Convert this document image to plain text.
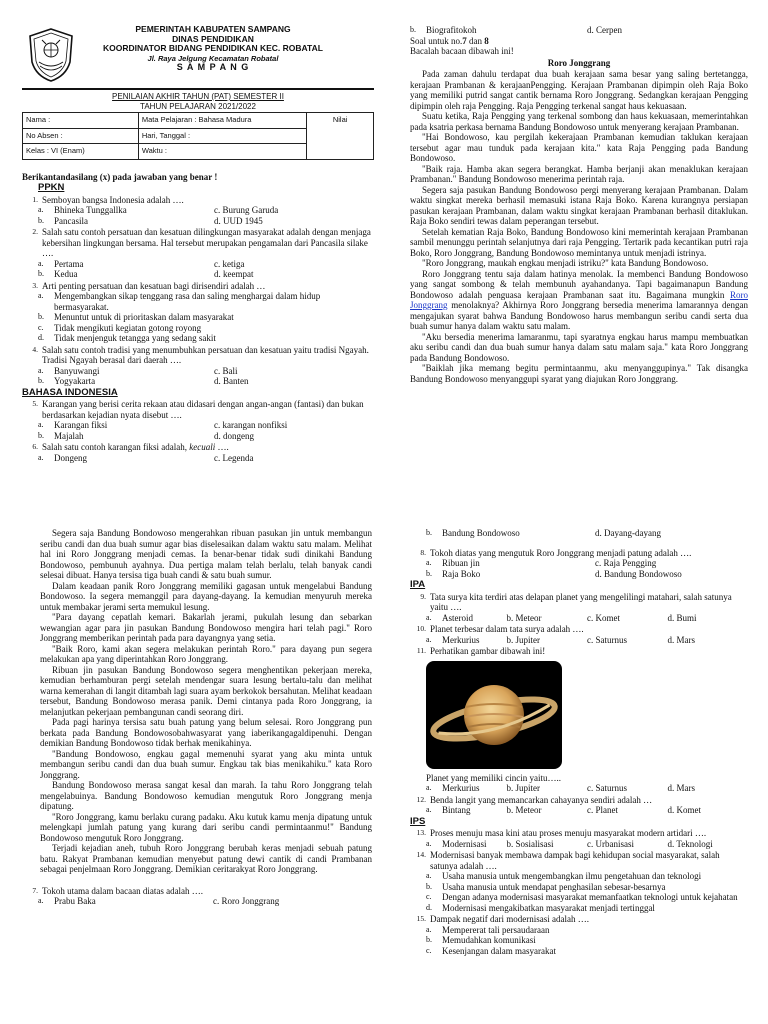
PEMERINTAH KABUPATEN SAMPANG
DINAS PENDIDIKAN
KOORDINATOR BIDANG PENDIDIKAN KEC. ROBATAL
Jl. Raya Jelgung Kecamatan Robatal
S A M P A N G
PENILAIAN AKHIR TAHUN (PAT) SEMESTER II
TAHUN PELAJARAN 2021/2022
Nama :	Mata Pelajaran : Bahasa Madura	Nilai
No Absen :	Hari, Tanggal :	
Kelas : VI (Enam)	Waktu :	
Berikantandasilang (x) pada jawaban yang benar !
PPKN
1. Semboyan bangsa Indonesia adalah ….
a.	Bhineka Tunggallka	c. Burung Garuda
b.	Pancasila	d. UUD 1945
2. Salah satu contoh persatuan dan kesatuan dilingkungan masyarakat adalah dengan menjaga kebersihan lingkungan bersama. Hal tersebut merupakan pengamalan dari Pancasila silake ….
a.	Pertama	c. ketiga
b.	Kedua	d. keempat
3. Arti penting persatuan dan kesatuan bagi dirisendiri adalah …
a.	Mengembangkan sikap tenggang rasa dan saling menghargai dalam hidup bermasyarakat.
b.	Menuntut untuk di prioritaskan dalam masyarakat
c.	Tidak mengikuti kegiatan gotong royong
d.	Tidak menjenguk tetangga yang sedang sakit
4. Salah satu contoh tradisi yang menumbuhkan persatuan dan kesatuan yaitu tradisi Ngayah. Tradisi Ngayah berasal dari daerah ….
a.	Banyuwangi	c. Bali
b.	Yogyakarta	d. Banten
BAHASA INDONESIA
5. Karangan yang berisi cerita rekaan atau didasari dengan angan-angan (fantasi) dan bukan berdasarkan kejadian nyata disebut ….
a.	Karangan fiksi	c. karangan nonfiksi
b.	Majalah	d. dongeng
6. Salah satu contoh karangan fiksi adalah, kecuali ….
a.	Dongeng	c. Legenda
b.	Biografitokoh	d. Cerpen
Soal untuk no.7 dan 8
Bacalah bacaan dibawah ini!
Roro Jonggrang

Pada zaman dahulu terdapat dua buah kerajaan sama besar yang saling bertetangga, kerajaan Prambanan & kerajaanPengging. Kerajaan Prambanan dipimpin oleh Raja Boko yang memiliki putrid sangat cantik bernama Roro Jonggrang. Sedangkan kerajaan Pengging dipimpin oleh raja Pengging. Raja Pengging terkenal sangat haus kekuasaan.

Suatu ketika, Raja Pengging yang terkenal sombong dan haus kekuasaan, memerintahkan pada ksatria perkasa bernama Bandung Bondowoso untuk menyerang kerajaan Prambanan.

"Hai Bondowoso, kau pergilah kekerajaan Prambanan kemudian taklukan kerajaan tersebut agar mau tunduk pada kerajaan kita." kata Raja Pengging pada Bandung Bondowoso.

"Baik raja. Hamba akan segera berangkat. Hamba berjanji akan menaklukan kerajaan Prambanan." Bandung Bondowoso menerima perintah raja.

Segera saja pasukan Bandung Bondowoso pergi menyerang kerajaan Prambanan. Dalam waktu singkat mereka berhasil memasuki istana Raja Boko. Karena kurangnya persiapan pasukan kerajaan Prambanan, dalam waktu singkat kerajaan Prambanan berhasil ditaklukan. Raja Boko sendiri tewas dalam peperangan tersebut.

Setelah kematian Raja Boko, Bandung Bondowoso kini memerintah kerajaan Prambanan sambil menunggu perintah selanjutnya dari raja Pengging. Tertarik pada kecantikan putri raja Boko, Roro Jonggrang, Bandung Bondowoso memintanya untuk menjadi istrinya.

"Roro Jonggrang, maukah engkau menjadi istriku?" kata Bandung Bondowoso.

Roro Jonggrang tentu saja dalam hatinya menolak. Ia membenci Bandung Bondowoso yang sangat sombong & telah membunuh ayahandanya. Tapi bagaimanapun Bandung Bondowoso adalah penguasa kerajaan Prambanan saat itu. Bagaimana mungkin Roro Jonggrang menolaknya? Akhirnya Roro Jonggrang bersedia menerima lamarannya dengan mengajukan syarat bahwa Bandung Bondowoso harus membangun seribu candi serta dua buah sumur hanya dalam waktu satu malam.

"Aku bersedia menerima lamaranmu, tapi syaratnya engkau harus mampu membuatkan aku seribu candi dan dua buah sumur hanya dalam satu malam saja." kata Roro Jonggrang pada Bandung Bondowoso.

"Baiklah jika memang begitu permintaanmu, aku menyanggupinya." Tak disangka Bandung Bondowoso menyanggupi syarat yang diajukan Roro Jonggrang.

Segera saja Bandung Bondowoso mengerahkan ribuan pasukan jin untuk membangun seribu candi dan dua buah sumur agar bias diselesaikan dalam waktu satu malam. Melihat hal ini Roro Jonggrang menjadi cemas. Ia benar-benar tidak sudi dinikahi Bandung Bondowoso, pembunuh ayahnya. Dua pertiga malam telah berlalu, telah banyak candi selesai dibuat. Hanya tersisa tiga buah candi & satu buah sumur.

Dalam keadaan panik Roro Jonggrang memiliki gagasan untuk mengelabui Bandung Bondowoso. Ia segera memanggil para dayang-dayang. Ia kemudian menyuruh mereka untuk membakar jerami serta memukul lesung.

"Para dayang cepatlah kemari. Bakarlah jerami, pukulah lesung dan sebarkan wewangian agar para jin pasukan Bandung Bondowoso mengira hari telah pagi." Roro Jonggrang memberikan perintah pada para dayangnya yang setia.

"Baik Roro, kami akan segera melakukan perintah Roro." para dayang pun segera melakukan apa yang diperintahkan Roro Jonggrang.

Ribuan jin pasukan Bandung Bondowoso segera menghentikan pekerjaan mereka, kemudian berhamburan pergi setelah mendengar suara lesung bertalu-talu dan melihat warna kemerahan di langit ditambah lagi suara ayam berkokok bersahutan. Melihat keadaan tersebut, Bandung Bondowoso merasa panik. Demi cintanya pada Roro Jonggrang, ia melanjutkan pekerjaan pembangunan candi seorang diri.

Pada pagi harinya tersisa satu buah patung yang belum selesai. Roro Jonggrang pun berkata pada Bandung Bondowosobahwasyarat yang iaberikangagaldipenuhi. Dengan demikian Bandung Bondowoso tidak berhak menikahinya.

"Bandung Bondowoso, engkau gagal memenuhi syarat yang aku minta untuk membangun seribu candi dan dua buah sumur. Engkau tak bias menikahiku." kata Roro Jonggrang.

Bandung Bondowoso merasa sangat kesal dan marah. Ia tahu Roro Jonggrang telah mengelabuinya. Bandung Bondowoso kemudian mengutuk Roro Jonggrang menja dipatung.

"Roro Jonggrang, kamu berlaku curang padaku. Aku kutuk kamu menja dipatung untuk melengkapi jumlah patung yang kurang dari seribu candi permintaanmu!" Bandung Bondowoso mengutuk Roro Jonggrang.

Terjadi kejadian aneh, tubuh Roro Jonggrang berubah keras menjadi sebuah patung batu. Rakyat Prambanan kemudian menyebut patung dewi cantik di candi Prambanan sebagai penjelmaan Roro Jonggrang. Demikian ceritarakyat Roro Jonggrang.

7. Tokoh utama dalam bacaan diatas adalah ….
a.	Prabu Baka	c. Roro Jonggrang
b.	Bandung Bondowoso	d. Dayang-dayang
8. Tokoh diatas yang mengutuk Roro Jonggrang menjadi patung adalah ….
a.	Ribuan jin	c. Raja Pengging
b.	Raja Boko	d. Bandung Bondowoso
IPA
9. Tata surya kita terdiri atas delapan planet yang mengelilingi matahari, salah satunya yaitu ….
a.	Asteroid	b. Meteor	c. Komet	d. Bumi
10. Planet terbesar dalam tata surya adalah ….
a.	Merkurius	b. Jupiter	c. Saturnus	d. Mars
11. Perhatikan gambar dibawah ini!
Planet yang memiliki cincin yaitu…..
a.	Merkurius	b. Jupiter	c. Saturnus	d. Mars
12. Benda langit yang memancarkan cahayanya sendiri adalah …
a.	Bintang	b. Meteor	c. Planet	d. Komet
IPS
13. Proses menuju masa kini atau proses menuju masyarakat modern artidari ….
a.	Modernisasi b. Sosialisasi	c. Urbanisasi	d. Teknologi
14. Modernisasi banyak membawa dampak bagi kehidupan social masyarakat, salah satunya adalah ….
a.	Usaha manusia untuk mengembangkan ilmu pengetahuan dan teknologi
b.	Usaha manusia untuk mendapat penghasilan sebesar-besarnya
c.	Dengan adanya modernisasi masyarakat memanfaatkan teknologi untuk kejahatan
d.	Modernisasi mengakibatkan masyarakat menjadi tertinggal
15. Dampak negatif dari modernisasi adalah ….
a.	Mempererat tali persaudaraan
b.	Memudahkan komunikasi
c.	Kesenjangan dalam masyarakat
